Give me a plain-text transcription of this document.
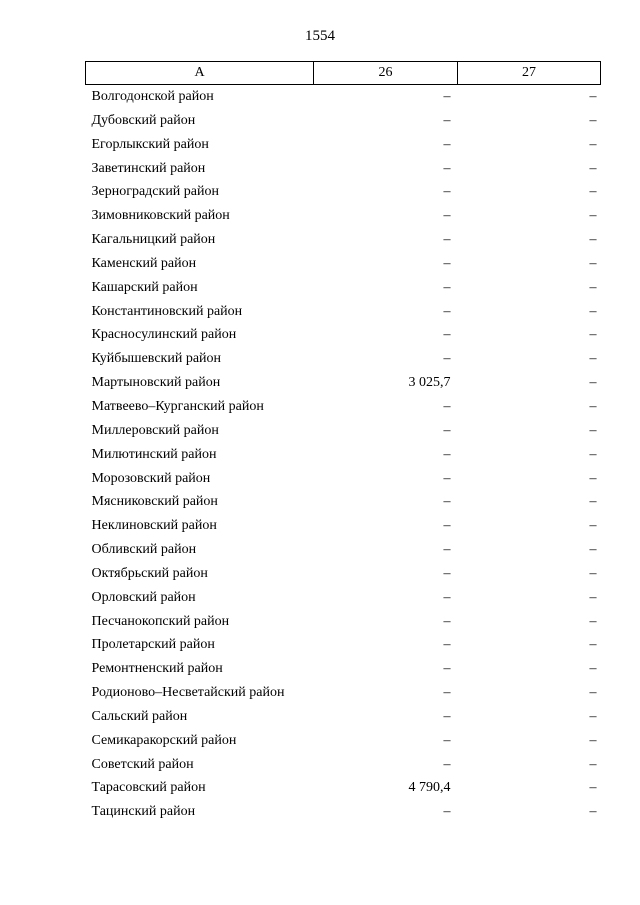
1554
А	26	27
Волгодонской район	–	–
Дубовский район	–	–
Егорлыкский район	–	–
Заветинский район	–	–
Зерноградский район	–	–
Зимовниковский район	–	–
Кагальницкий район	–	–
Каменский район	–	–
Кашарский район	–	–
Константиновский район	–	–
Красносулинский район	–	–
Куйбышевский район	–	–
Мартыновский район	3 025,7	–
Матвеево–Курганский район	–	–
Миллеровский район	–	–
Милютинский район	–	–
Морозовский район	–	–
Мясниковский район	–	–
Неклиновский район	–	–
Обливский район	–	–
Октябрьский район	–	–
Орловский район	–	–
Песчанокопский район	–	–
Пролетарский район	–	–
Ремонтненский район	–	–
Родионово–Несветайский район	–	–
Сальский район	–	–
Семикаракорский район	–	–
Советский район	–	–
Тарасовский район	4 790,4	–
Тацинский район	–	–
